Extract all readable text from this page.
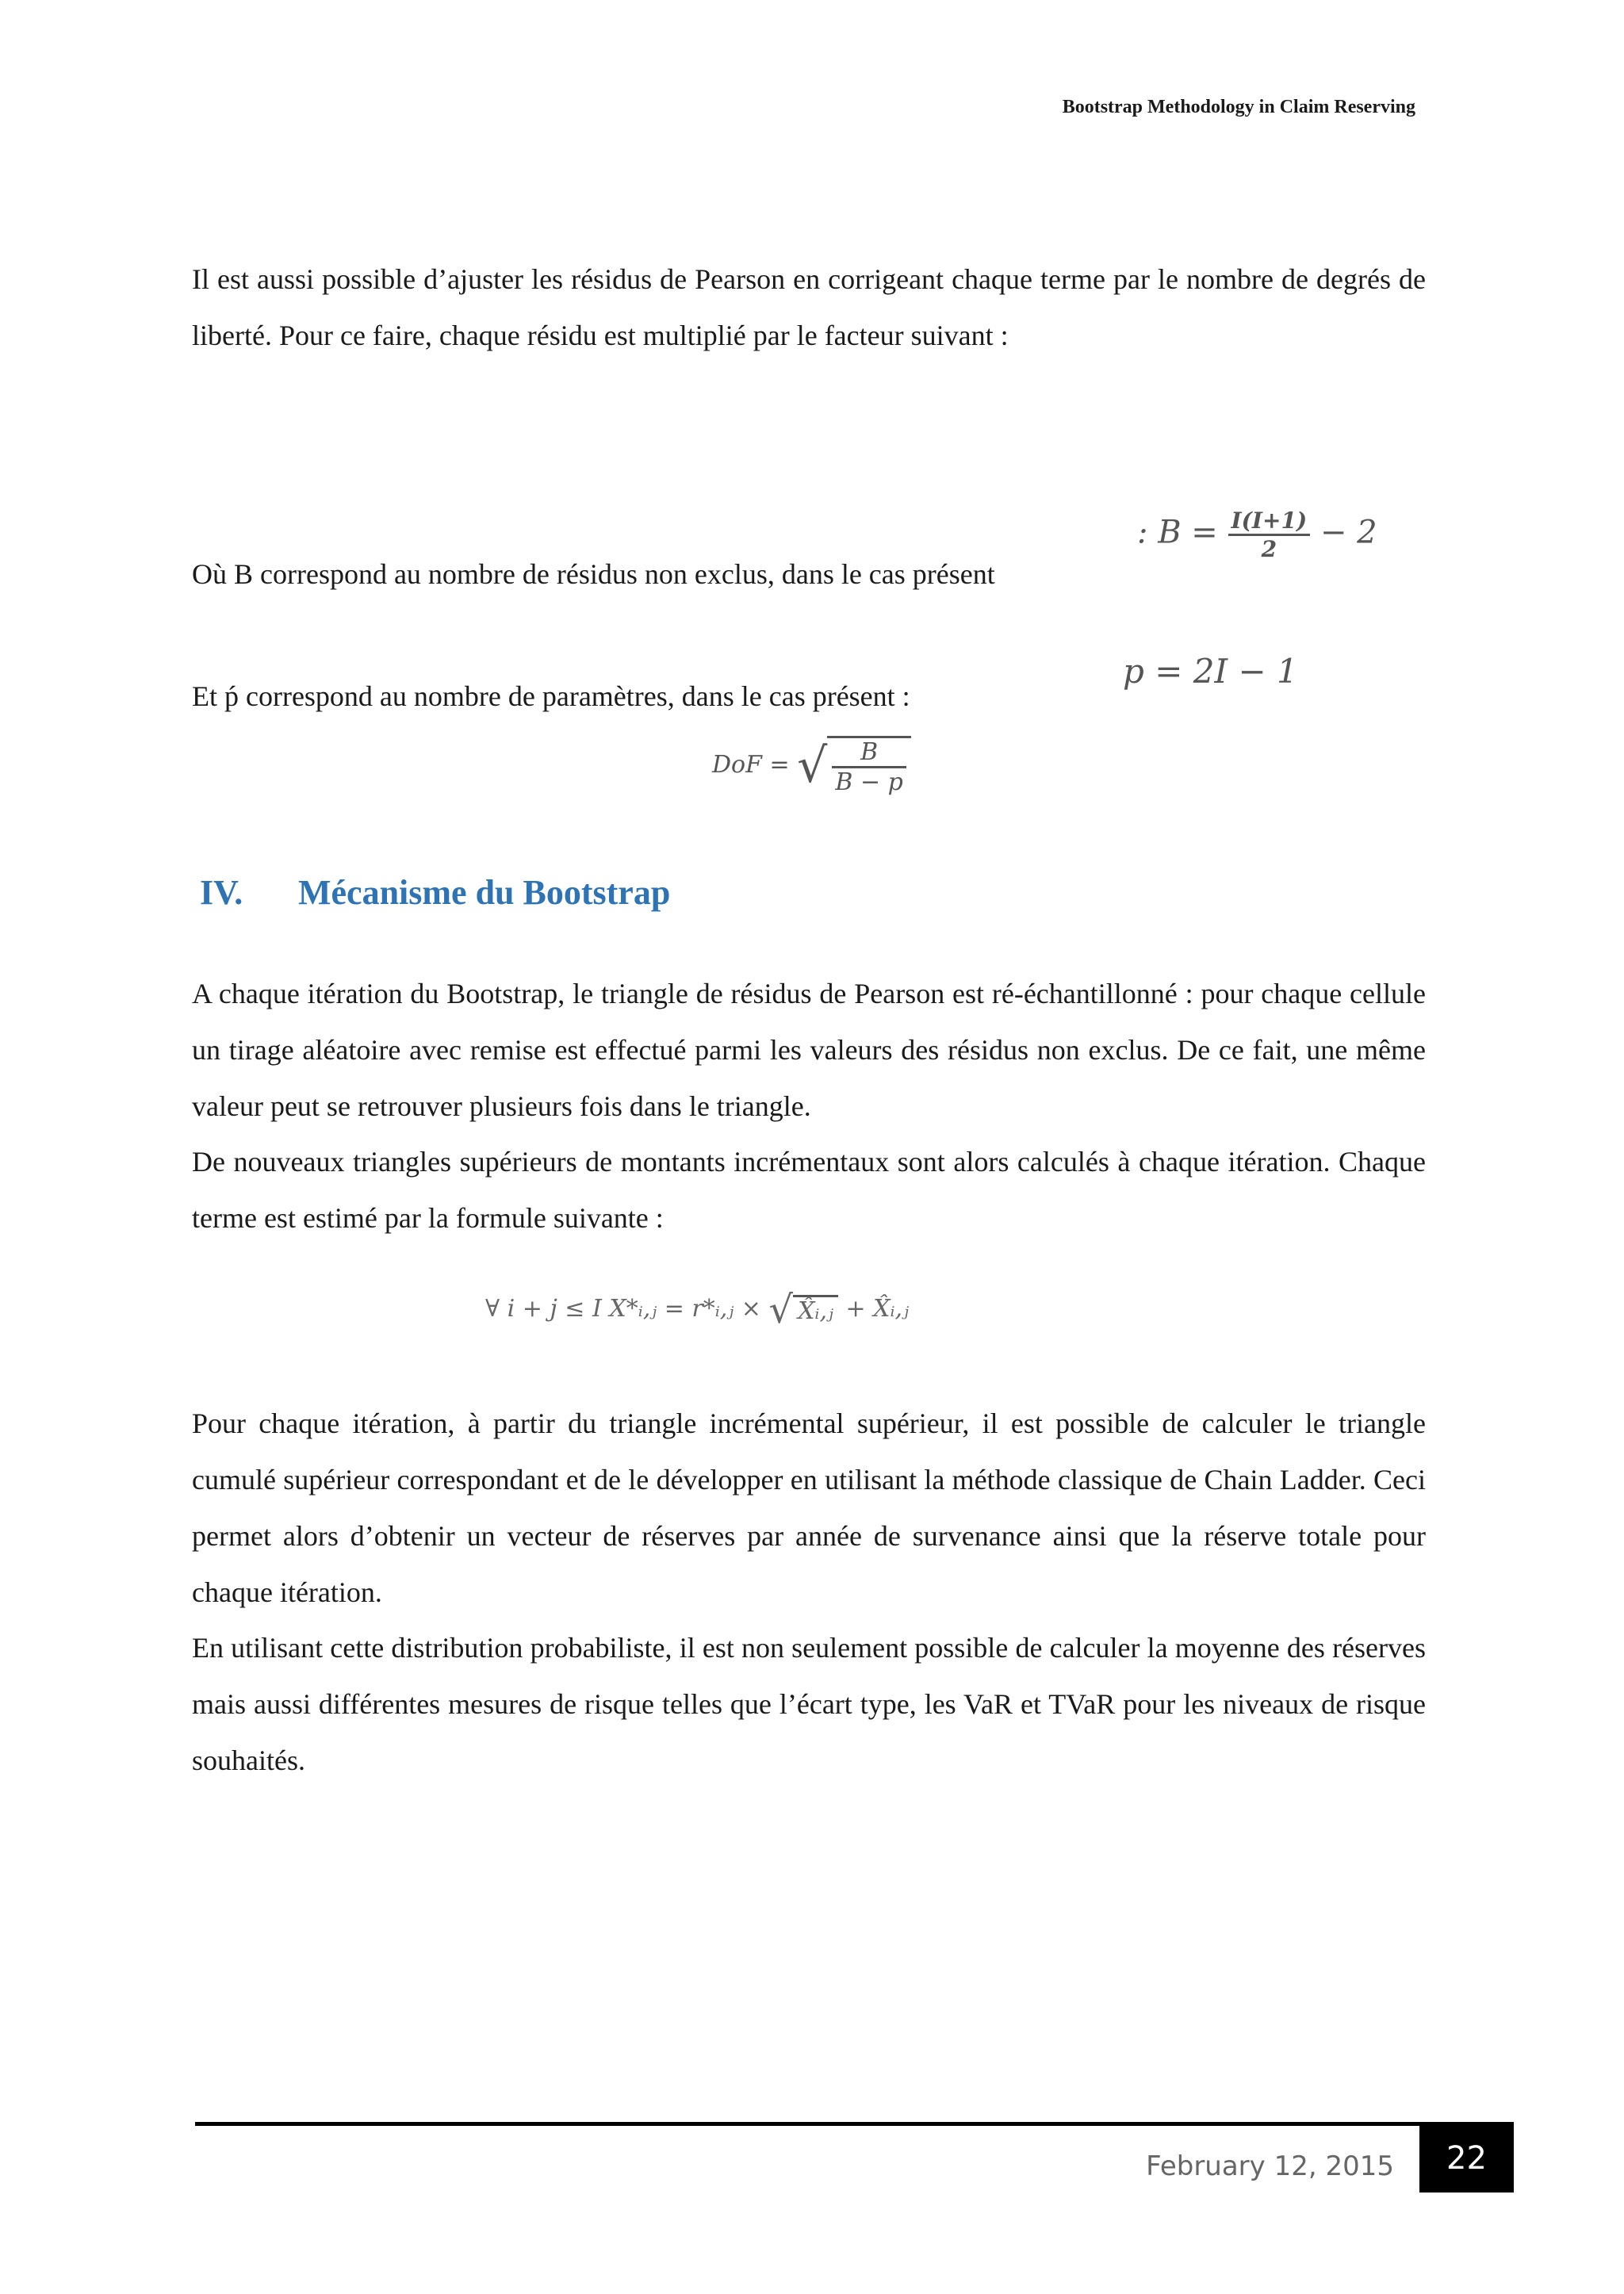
Bootstrap Methodology in Claim Reserving

Il est aussi possible d’ajuster les résidus de Pearson en corrigeant chaque terme par le nombre de degrés de liberté. Pour ce faire, chaque résidu est multiplié par le facteur suivant :

Où B correspond au nombre de résidus non exclus, dans le cas présent

: $B = \frac{I(I+1)}{2} - 2$

Et ṕ correspond au nombre de paramètres, dans le cas présent :

p = 2I − 1
DoF = √ $\frac{B}{B - p}$
IV.	Mécanisme du Bootstrap

A chaque itération du Bootstrap, le triangle de résidus de Pearson est ré-échantillonné : pour chaque cellule un tirage aléatoire avec remise est effectué parmi les valeurs des résidus non exclus. De ce fait, une même valeur peut se retrouver plusieurs fois dans le triangle.

De nouveaux triangles supérieurs de montants incrémentaux sont alors calculés à chaque itération. Chaque terme est estimé par la formule suivante :

∀ i + j ≤ I X*ᵢ,ⱼ = r*ᵢ,ⱼ × √ X̂ᵢ,ⱼ + X̂ᵢ,ⱼ

Pour chaque itération, à partir du triangle incrémental supérieur, il est possible de calculer le triangle cumulé supérieur correspondant et de le développer en utilisant la méthode classique de Chain Ladder. Ceci permet alors d’obtenir un vecteur de réserves par année de survenance ainsi que la réserve totale pour chaque itération.

En utilisant cette distribution probabiliste, il est non seulement possible de calculer la moyenne des réserves mais aussi différentes mesures de risque telles que l’écart type, les VaR et TVaR pour les niveaux de risque souhaités.

February 12, 2015	22
